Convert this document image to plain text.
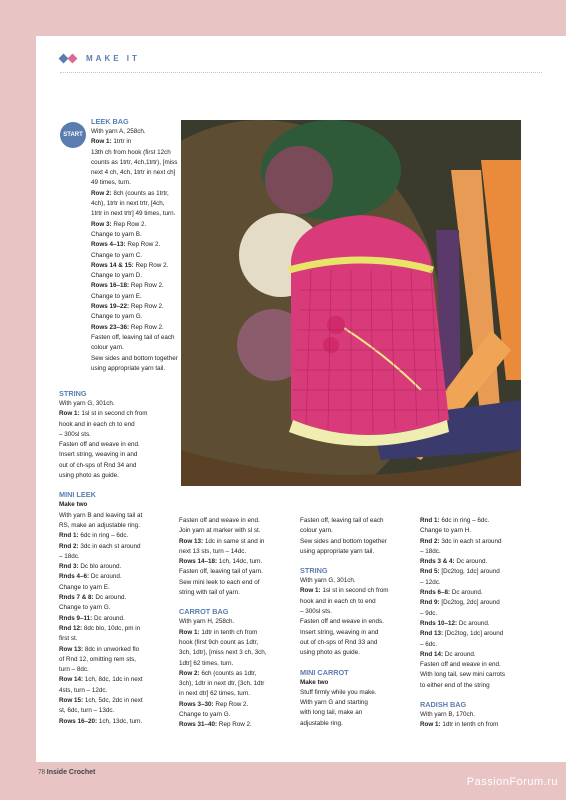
MAKE IT
START

LEEK BAG

With yarn A, 258ch.

Row 1: 1trtr in

13th ch from hook (first 12ch

counts as 1trtr, 4ch,1trtr), [miss

next 4 ch, 4ch, 1trtr in next ch]

49 times, turn.

Row 2: 8ch (counts as 1trtr,

4ch), 1trtr in next trtr, [4ch,

1trtr in next trtr] 49 times, turn.

Row 3: Rep Row 2.

Change to yarn B.

Rows 4–13: Rep Row 2.

Change to yarn C.

Rows 14 & 15: Rep Row 2.

Change to yarn D.

Rows 16–18: Rep Row 2.

Change to yarn E.

Rows 19–22: Rep Row 2.

Change to yarn G.

Rows 23–36: Rep Row 2.

Fasten off, leaving tail of each

colour yarn.

Sew sides and bottom together

using appropriate yarn tail.

STRING

With yarn G, 301ch.

Row 1: 1sl st in second ch from

hook and in each ch to end

– 300sl sts.

Fasten off and weave in end.

Insert string, weaving in and

out of ch-sps of Rnd 34 and

using photo as guide.

MINI LEEK

Make two

With yarn B and leaving tail at

RS, make an adjustable ring.

Rnd 1: 6dc in ring – 6dc.

Rnd 2: 3dc in each st around

– 18dc.

Rnd 3: Dc blo around.

Rnds 4–6: Dc around.

Change to yarn E.

Rnds 7 & 8: Dc around.

Change to yarn G.

Rnds 9–11: Dc around.

Rnd 12: 8dc blo, 10dc, pm in

first st.

Row 13: 8dc in unworked flo

of Rnd 12, omitting rem sts,

turn – 8dc.

Row 14: 1ch, 8dc, 1dc in next

4sts, turn – 12dc.

Row 15: 1ch, 5dc, 2dc in next

st, 6dc, turn – 13dc.

Rows 16–20: 1ch, 13dc, turn.

Fasten off and weave in end.

Join yarn at marker with sl st.

Row 13: 1dc in same st and in

next 13 sts, turn – 14dc.

Rows 14–18: 1ch, 14dc, turn.

Fasten off, leaving tail of yarn.

Sew mini leek to each end of

string with tail of yarn.

CARROT BAG

With yarn H, 258ch.

Row 1: 1dtr in tenth ch from

hook (first 9ch count as 1dtr,

3ch, 1dtr), [miss next 3 ch, 3ch,

1dtr] 62 times, turn.

Row 2: 6ch (counts as 1dtr,

3ch), 1dtr in next dtr, [3ch, 1dtr

in next dtr] 62 times, turn.

Rows 3–30: Rep Row 2.

Change to yarn G.

Rows 31–40: Rep Row 2.

Fasten off, leaving tail of each

colour yarn.

Sew sides and bottom together

using appropriate yarn tail.

STRING

With yarn G, 301ch.

Row 1: 1sl st in second ch from

hook and in each ch to end

– 300sl sts.

Fasten off and weave in ends.

Insert string, weaving in and

out of ch-sps of Rnd 33 and

using photo as guide.

MINI CARROT

Make two

Stuff firmly while you make.

With yarn G and starting

with long tail, make an

adjustable ring.

Rnd 1: 6dc in ring – 6dc.

Change to yarn H.

Rnd 2: 3dc in each st around

– 18dc.

Rnds 3 & 4: Dc around.

Rnd 5: [Dc2tog, 1dc] around

– 12dc.

Rnds 6–8: Dc around.

Rnd 9: [Dc2tog, 2dc] around

– 9dc.

Rnds 10–12: Dc around.

Rnd 13: [Dc2tog, 1dc] around

– 6dc.

Rnd 14: Dc around.

Fasten off and weave in end.

With long tail, sew mini carrots

to either end of the string

RADISH BAG

With yarn B, 170ch.

Row 1: 1dtr in tenth ch from

78 Inside Crochet
PassionForum.ru
